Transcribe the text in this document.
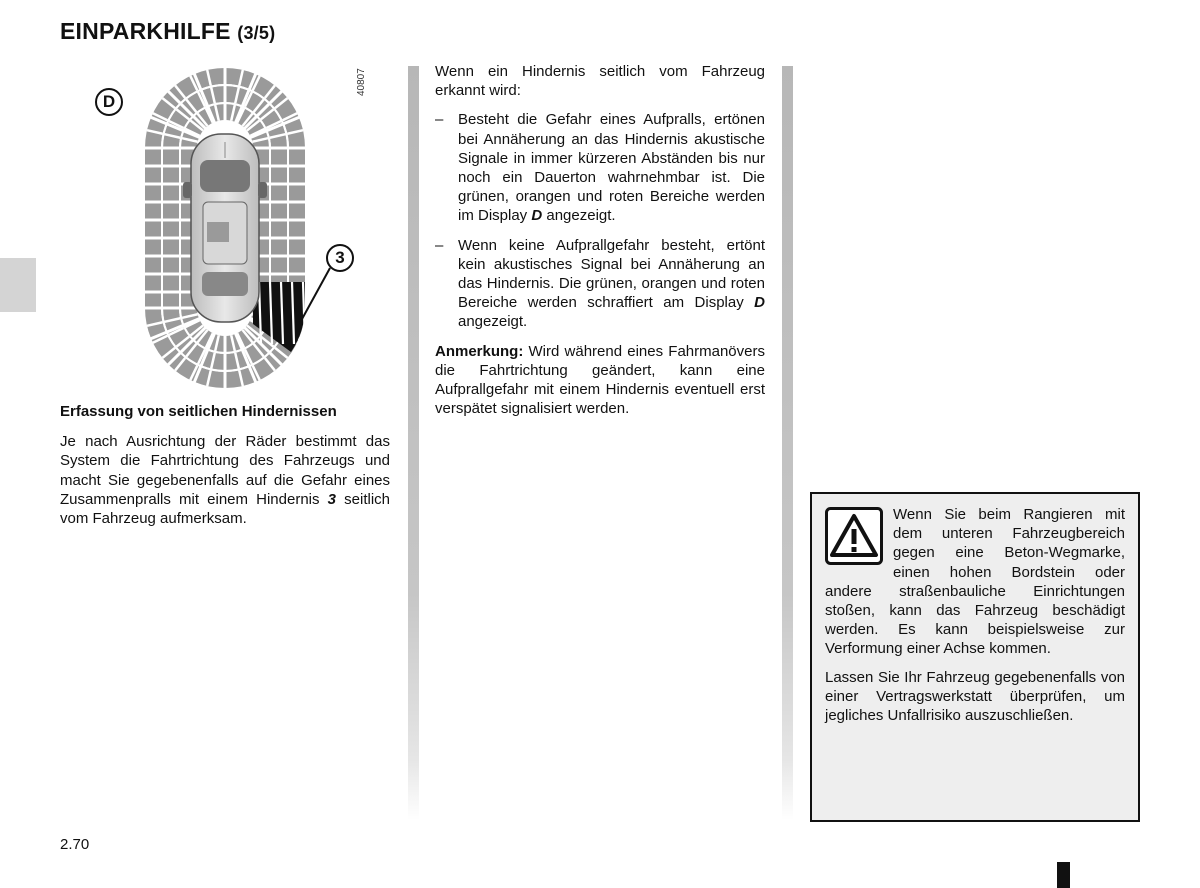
EINPARKHILFE (3/5)
D
3
40807

Erfassung von seitlichen Hindernissen

Je nach Ausrichtung der Räder bestimmt das System die Fahrtrichtung des Fahrzeugs und macht Sie gegebenenfalls auf die Gefahr eines Zusammenpralls mit einem Hindernis 3 seitlich vom Fahrzeug aufmerksam.

Wenn ein Hindernis seitlich vom Fahrzeug erkannt wird:

– Besteht die Gefahr eines Aufpralls, ertönen bei Annäherung an das Hindernis akustische Signale in immer kürzeren Abständen bis nur noch ein Dauerton wahrnehmbar ist. Die grünen, orangen und roten Bereiche werden im Display D angezeigt.
– Wenn keine Aufprallgefahr besteht, ertönt kein akustisches Signal bei Annäherung an das Hindernis. Die grünen, orangen und roten Bereiche werden schraffiert am Display D angezeigt.

Anmerkung: Wird während eines Fahrmanövers die Fahrtrichtung geändert, kann eine Aufprallgefahr mit einem Hindernis eventuell erst verspätet signalisiert werden.

Wenn Sie beim Rangieren mit dem unteren Fahrzeugbereich gegen eine Beton-Wegmarke, einen hohen Bordstein oder andere straßenbauliche Einrichtungen stoßen, kann das Fahrzeug beschädigt werden. Es kann beispielsweise zur Verformung einer Achse kommen.

Lassen Sie Ihr Fahrzeug gegebenenfalls von einer Vertragswerkstatt überprüfen, um jegliches Unfallrisiko auszuschließen.

2.70
